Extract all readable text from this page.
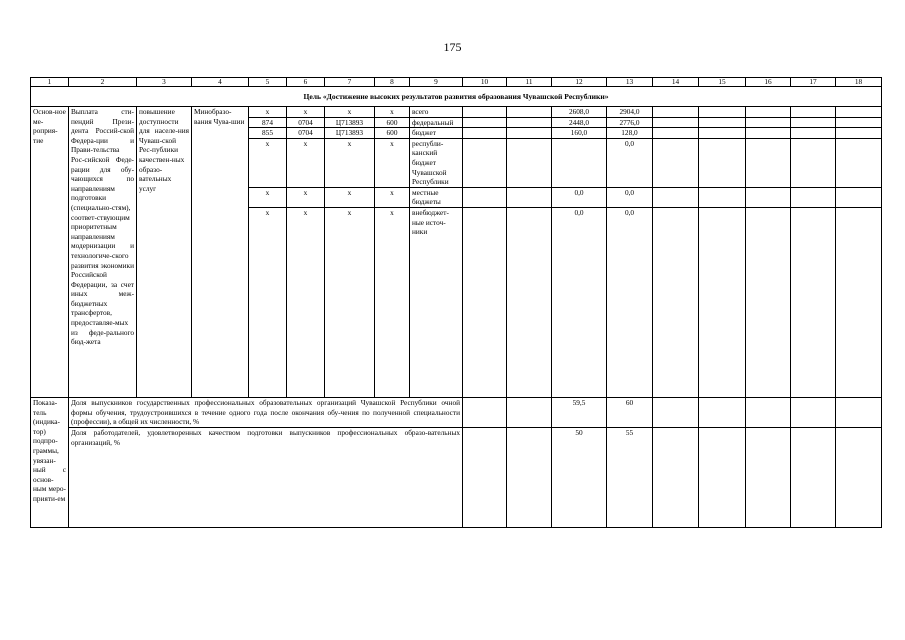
175
1	2	3	4	5	6	7	8	9	10	11	12	13	14	15	16	17	18
Цель «Достижение высоких результатов развития образования Чувашской Республики»																	
Основ-ное ме-роприя-тие	Выплата сти-пендий Прези-дента Россий-ской Федера-ции и Прави-тельства Рос-сийской Феде-рации для обу-чающихся по направлениям подготовки (специально-стям), соответ-ствующим приоритетным направлениям модернизации и технологиче-ского развития экономики Российской Федерации, за счет иных меж-бюджетных трансфертов, предоставляе-мых из феде-рального бюд-жета	повышение доступности для населе-ния Чуваш-ской Рес-публики качествен-ных образо-вательных услуг	Минобразо-вания Чува-шии	x	x	x	x	всего			2608,0	2904,0					
				874	0704	Ц713893	600	федеральный			2448,0	2776,0					
				855	0704	Ц713893	600	бюджет			160,0	128,0					
				x	x	x	x	республи-канский бюджет Чувашской Республики				0,0					
				x	x	x	x	местные бюджеты			0,0	0,0					
				x	x	x	x	внебюджет-ные источ-ники			0,0	0,0					
Показа-тель (индика-тор) подпро-граммы, увязан-ный с основ-ным меро-прияти-ем	Доля выпускников государственных профессиональных образовательных организаций Чувашской Республики очной формы обучения, трудоустроившихся в течение одного года после окончания обу-чения по полученной специальности (профессии), в общей их численности, %										59,5	60					
	Доля работодателей, удовлетворенных качеством подготовки выпускников профессиональных образо-вательных организаций, %										50	55					
